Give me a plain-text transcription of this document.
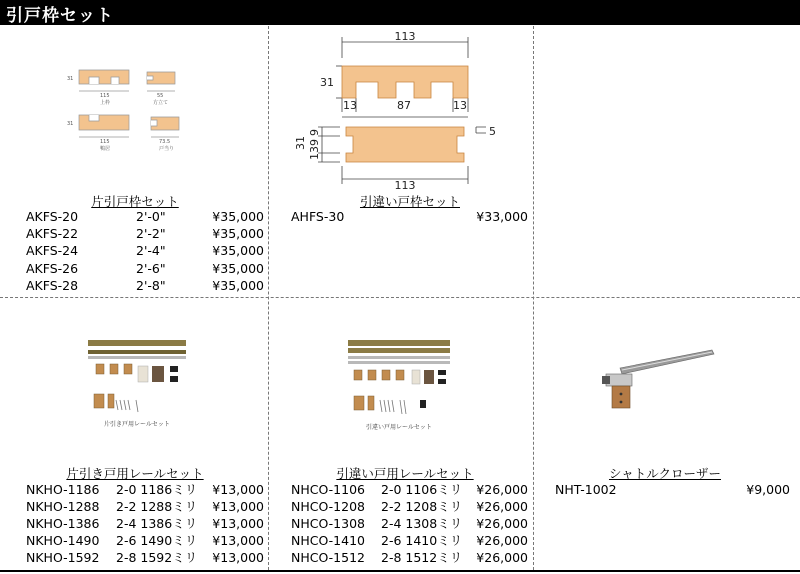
引戸枠セット
31
115
上枠
55
方立て
31
115
鴨居
73.5
戸当り
片引戸枠セット
AKFS-20	2'-0"	¥35,000
AKFS-22	2'-2"	¥35,000
AKFS-24	2'-4"	¥35,000
AKFS-26	2'-6"	¥35,000
AKFS-28	2'-8"	¥35,000
113
31
13	87	13
5
113
31 139
9
引違い戸枠セット
AHFS-30	¥33,000
片引き戸用レールセット
片引き戸用レールセット
NKHO-1186 2-0 1186ミリ ¥13,000
NKHO-1288 2-2 1288ミリ ¥13,000
NKHO-1386 2-4 1386ミリ ¥13,000
NKHO-1490 2-6 1490ミリ ¥13,000
NKHO-1592 2-8 1592ミリ ¥13,000
引違い戸用レールセット
引違い戸用レールセット
NHCO-1106 2-0 1106ミリ ¥26,000
NHCO-1208 2-2 1208ミリ ¥26,000
NHCO-1308 2-4 1308ミリ ¥26,000
NHCO-1410 2-6 1410ミリ ¥26,000
NHCO-1512 2-8 1512ミリ ¥26,000
シャトルクローザー
NHT-1002	¥9,000
